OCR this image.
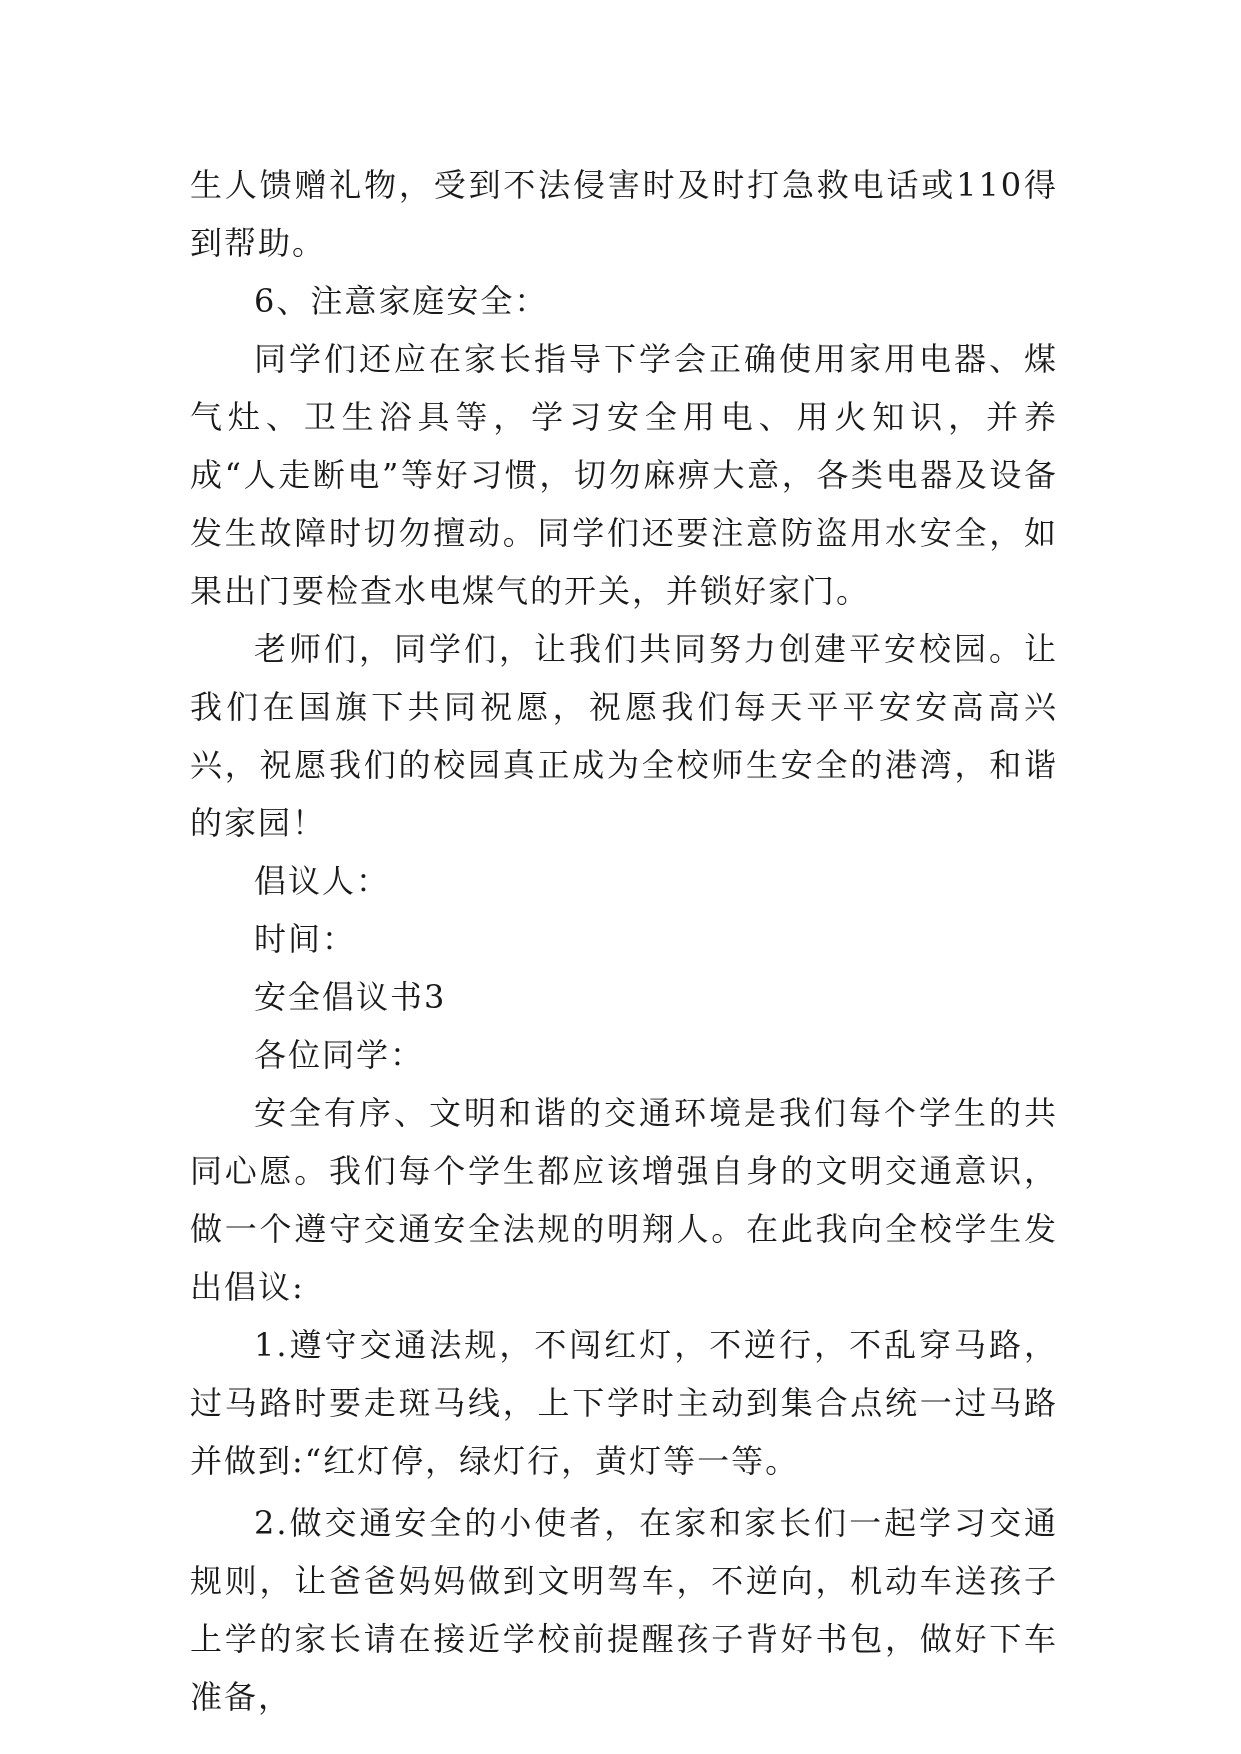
生人馈赠礼物，受到不法侵害时及时打急救电话或110得到帮助。

6、注意家庭安全：

同学们还应在家长指导下学会正确使用家用电器、煤气灶、卫生浴具等，学习安全用电、用火知识，并养成“人走断电”等好习惯，切勿麻痹大意，各类电器及设备发生故障时切勿擅动。同学们还要注意防盗用水安全，如果出门要检查水电煤气的开关，并锁好家门。

老师们，同学们，让我们共同努力创建平安校园。让我们在国旗下共同祝愿，祝愿我们每天平平安安高高兴兴，祝愿我们的校园真正成为全校师生安全的港湾，和谐的家园！

倡议人：

时间：

安全倡议书3

各位同学：

安全有序、文明和谐的交通环境是我们每个学生的共同心愿。我们每个学生都应该增强自身的文明交通意识，做一个遵守交通安全法规的明翔人。在此我向全校学生发出倡议:

1.遵守交通法规，不闯红灯，不逆行，不乱穿马路，过马路时要走斑马线，上下学时主动到集合点统一过马路并做到:“红灯停，绿灯行，黄灯等一等。

2.做交通安全的小使者，在家和家长们一起学习交通规则，让爸爸妈妈做到文明驾车，不逆向，机动车送孩子上学的家长请在接近学校前提醒孩子背好书包，做好下车准备，
